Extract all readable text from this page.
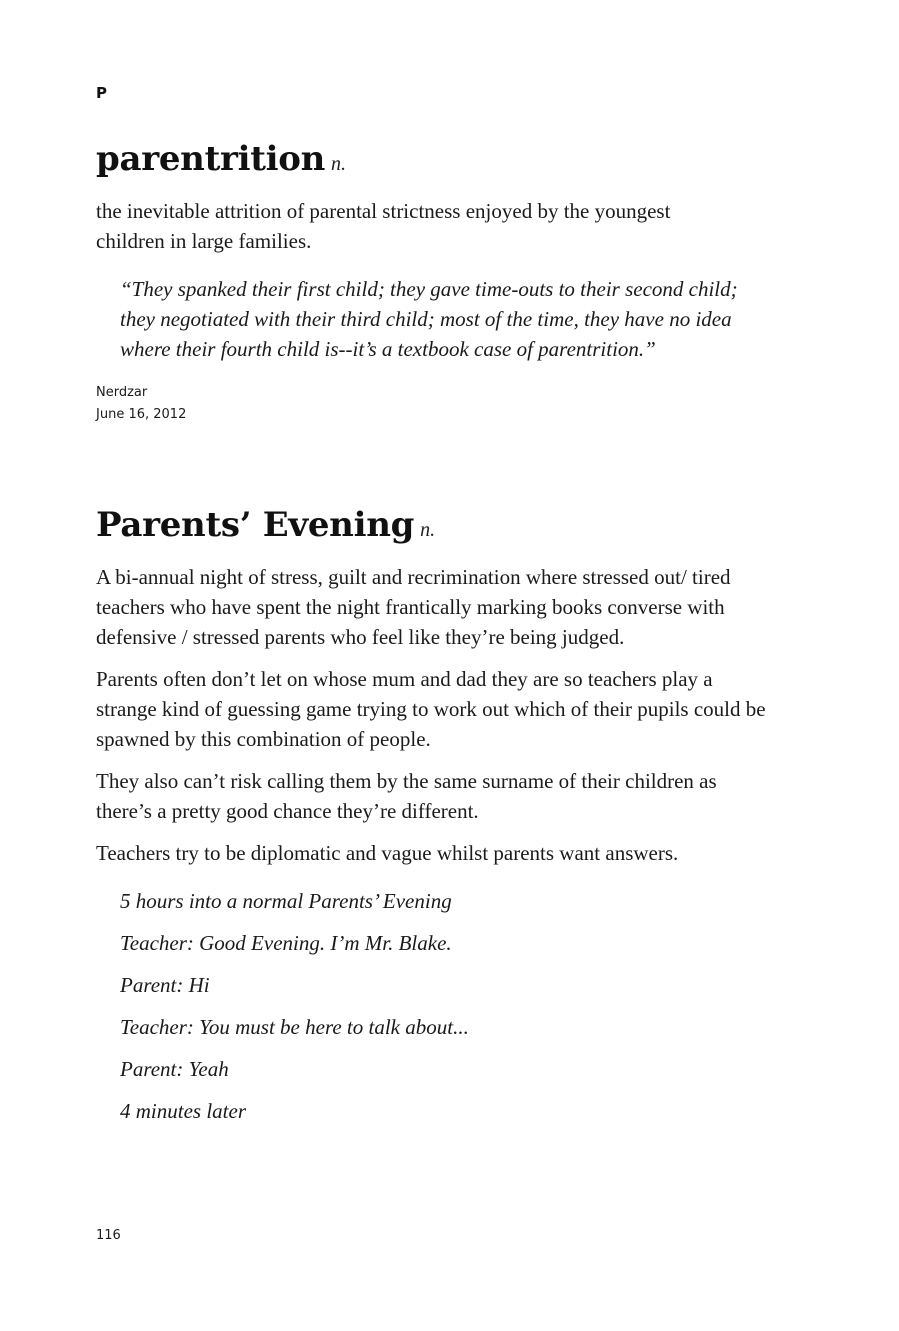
P

parentrition n.

the inevitable attrition of parental strictness enjoyed by the youngest children in large families.

“They spanked their first child; they gave time-outs to their second child; they negotiated with their third child; most of the time, they have no idea where their fourth child is--it’s a textbook case of parentrition.”

Nerdzar

June 16, 2012

Parents’ Evening n.

A bi-annual night of stress, guilt and recrimination where stressed out/ tired teachers who have spent the night frantically marking books converse with defensive / stressed parents who feel like they’re being judged.

Parents often don’t let on whose mum and dad they are so teachers play a strange kind of guessing game trying to work out which of their pupils could be spawned by this combination of people.

They also can’t risk calling them by the same surname of their children as there’s a pretty good chance they’re different.

Teachers try to be diplomatic and vague whilst parents want answers.

5 hours into a normal Parents’ Evening

Teacher: Good Evening. I’m Mr. Blake.

Parent: Hi

Teacher: You must be here to talk about...

Parent: Yeah

4 minutes later

116
